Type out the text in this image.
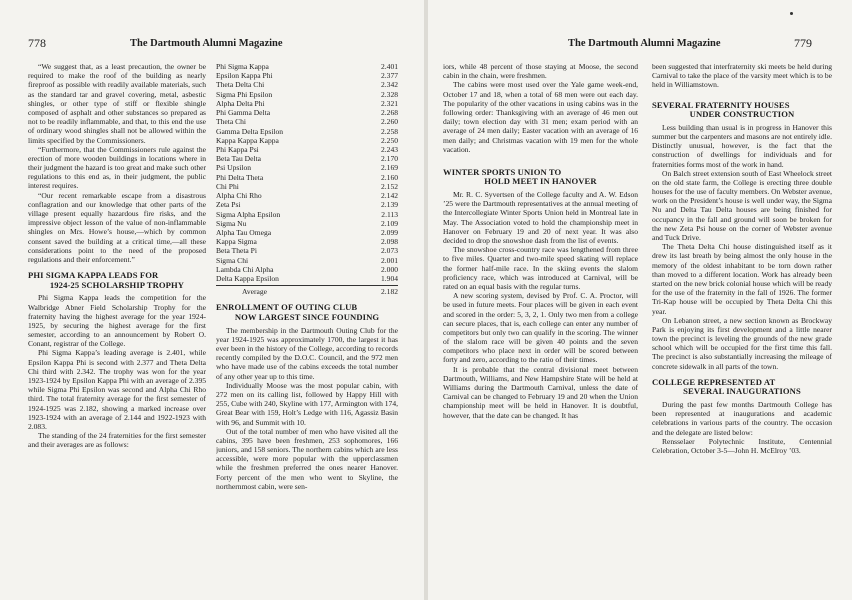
778	The Dartmouth Alumni Magazine

“We suggest that, as a least precaution, the owner be required to make the roof of the building as nearly fireproof as possible with readily available materials, such as the standard tar and gravel covering, metal, asbestic shingles, or other type of stiff or flexible shingle composed of asphalt and other substances so prepared as not to be readily inflammable, and that, to this end the use of ordinary wood shingles shall not be allowed within the limits specified by the Commissioners.

“Furthermore, that the Commissioners rule against the erection of more wooden buildings in locations where in their judgment the hazard is too great and make such other regulations to this end as, in their judgment, the public interest requires.

“Our recent remarkable escape from a disastrous conflagration and our knowledge that other parts of the village present equally hazardous fire risks, and the impressive object lesson of the value of non-inflammable shingles on Mrs. Howe’s house,—which by common consent saved the building at a critical time,—all these considerations point to the need of the proposed regulations and their enforcement.”

PHI SIGMA KAPPA LEADS FOR
1924-25 SCHOLARSHIP TROPHY

Phi Sigma Kappa leads the competition for the Walbridge Abner Field Scholarship Trophy for the fraternity having the highest average for the year 1924-1925, by securing the highest average for the first semester, according to an announcement by Robert O. Conant, registrar of the College.

Phi Sigma Kappa’s leading average is 2.401, while Epsilon Kappa Phi is second with 2.377 and Theta Delta Chi third with 2.342. The trophy was won for the year 1923-1924 by Epsilon Kappa Phi with an average of 2.395 while Sigma Phi Epsilon was second and Alpha Chi Rho third. The total fraternity average for the first semester of 1924-1925 was 2.182, showing a marked increase over 1923-1924 with an average of 2.144 and 1922-1923 with 2.083.

The standing of the 24 fraternities for the first semester and their averages are as follows:

Phi Sigma Kappa	2.401
Epsilon Kappa Phi	2.377
Theta Delta Chi	2.342
Sigma Phi Epsilon	2.328
Alpha Delta Phi	2.321
Phi Gamma Delta	2.268
Theta Chi	2.260
Gamma Delta Epsilon	2.258
Kappa Kappa Kappa	2.250
Phi Kappa Psi	2.243
Beta Tau Delta	2.170
Psi Upsilon	2.169
Phi Delta Theta	2.160
Chi Phi	2.152
Alpha Chi Rho	2.142
Zeta Psi	2.139
Sigma Alpha Epsilon	2.113
Sigma Nu	2.109
Alpha Tau Omega	2.099
Kappa Sigma	2.098
Beta Theta Pi	2.073
Sigma Chi	2.001
Lambda Chi Alpha	2.000
Delta Kappa Epsilon	1.904
Average	2.182
ENROLLMENT OF OUTING CLUB
NOW LARGEST SINCE FOUNDING

The membership in the Dartmouth Outing Club for the year 1924-1925 was approximately 1700, the largest it has ever been in the history of the College, according to records recently compiled by the D.O.C. Council, and the 972 men who have made use of the cabins exceeds the total number of any other year up to this time.

Individually Moose was the most popular cabin, with 272 men on its calling list, followed by Happy Hill with 255, Cube with 240, Skyline with 177, Armington with 174, Great Bear with 159, Holt’s Ledge with 116, Agassiz Basin with 96, and Summit with 10.

Out of the total number of men who have visited all the cabins, 395 have been freshmen, 253 sophomores, 166 juniors, and 158 seniors. The northern cabins which are less accessible, were more popular with the upperclassmen while the freshmen preferred the ones nearer Hanover. Forty percent of the men who went to Skyline, the northernmost cabin, were sen-

The Dartmouth Alumni Magazine	779

iors, while 48 percent of those staying at Moose, the second cabin in the chain, were freshmen.

The cabins were most used over the Yale game week-end, October 17 and 18, when a total of 68 men were out each day. The popularity of the other vacations in using cabins was in the following order: Thanksgiving with an average of 46 men out daily; town election day with 31 men; exam period with an average of 24 men daily; Easter vacation with an average of 16 men daily; and Christmas vacation with 19 men for the whole vacation.

WINTER SPORTS UNION TO
HOLD MEET IN HANOVER

Mr. R. C. Syvertsen of the College faculty and A. W. Edson ’25 were the Dartmouth representatives at the annual meeting of the Intercollegiate Winter Sports Union held in Montreal late in May. The Association voted to hold the championship meet in Hanover on February 19 and 20 of next year. It was also decided to drop the snowshoe dash from the list of events.

The snowshoe cross-country race was lengthened from three to five miles. Quarter and two-mile speed skating will replace the former half-mile race. In the skiing events the slalom proficiency race, which was introduced at Carnival, will be rated on an equal basis with the regular turns.

A new scoring system, devised by Prof. C. A. Proctor, will be used in future meets. Four places will be given in each event and scored in the order: 5, 3, 2, 1. Only two men from a college can secure places, that is, each college can enter any number of competitors but only two can qualify in the scoring. The winner of the slalom race will be given 40 points and the seven competitors who place next in order will be scored between forty and zero, according to the ratio of their times.

It is probable that the central divisional meet between Dartmouth, Williams, and New Hampshire State will be held at Williams during the Dartmouth Carnival, unless the date of Carnival can be changed to February 19 and 20 when the Union championship meet will be held in Hanover. It is doubtful, however, that the date can be changed. It has

been suggested that interfraternity ski meets be held during Carnival to take the place of the varsity meet which is to be held in Williamstown.

SEVERAL FRATERNITY HOUSES
UNDER CONSTRUCTION

Less building than usual is in progress in Hanover this summer but the carpenters and masons are not entirely idle. Distinctly unusual, however, is the fact that the construction of dwellings for individuals and for fraternities forms most of the work in hand.

On Balch street extension south of East Wheelock street on the old state farm, the College is erecting three double houses for the use of faculty members. On Webster avenue, work on the President’s house is well under way, the Sigma Nu and Delta Tau Delta houses are being finished for occupancy in the fall and ground will soon be broken for the new Zeta Psi house on the corner of Webster avenue and Tuck Drive.

The Theta Delta Chi house distinguished itself as it drew its last breath by being almost the only house in the memory of the oldest inhabitant to be torn down rather than moved to a different location. Work has already been started on the new brick colonial house which will be ready for the use of the fraternity in the fall of 1926. The former Tri-Kap house will be occupied by Theta Delta Chi this year.

On Lebanon street, a new section known as Brockway Park is enjoying its first development and a little nearer town the precinct is leveling the grounds of the new grade school which will be occupied for the first time this fall. The precinct is also substantially increasing the mileage of concrete sidewalk in all parts of the town.

COLLEGE REPRESENTED AT
SEVERAL INAUGURATIONS

During the past few months Dartmouth College has been represented at inaugurations and academic celebrations in various parts of the country. The occasion and the delegate are listed below:

Rensselaer Polytechnic Institute, Centennial Celebration, October 3-5—John H. McElroy ’03.
